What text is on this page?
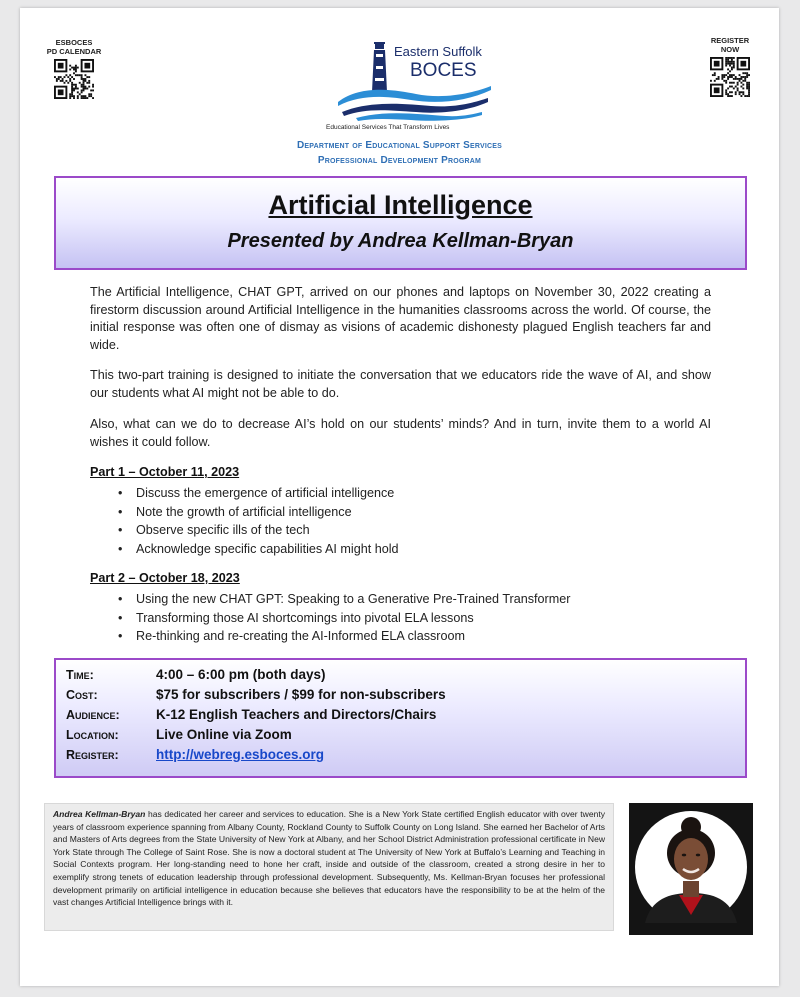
ESBOCES
PD CALENDAR
REGISTER
NOW
Eastern Suffolk
BOCES
Educational Services That Transform Lives
Department of Educational Support Services
Professional Development Program
Artificial Intelligence
Presented by Andrea Kellman-Bryan
The Artificial Intelligence, CHAT GPT, arrived on our phones and laptops on November 30, 2022 creating a firestorm discussion around Artificial Intelligence in the humanities classrooms across the world. Of course, the initial response was often one of dismay as visions of academic dishonesty plagued English teachers far and wide.
This two-part training is designed to initiate the conversation that we educators ride the wave of AI, and show our students what AI might not be able to do.
Also, what can we do to decrease AI’s hold on our students’ minds? And in turn, invite them to a world AI wishes it could follow.
Part 1 – October 11, 2023
• Discuss the emergence of artificial intelligence
• Note the growth of artificial intelligence
• Observe specific ills of the tech
• Acknowledge specific capabilities AI might hold
Part 2 – October 18, 2023
• Using the new CHAT GPT: Speaking to a Generative Pre-Trained Transformer
• Transforming those AI shortcomings into pivotal ELA lessons
• Re-thinking and re-creating the AI-Informed ELA classroom
Time:	4:00 – 6:00 pm (both days)
Cost:	$75 for subscribers / $99 for non-subscribers
Audience:	K-12 English Teachers and Directors/Chairs
Location:	Live Online via Zoom
Register:	http://webreg.esboces.org
Andrea Kellman-Bryan has dedicated her career and services to education. She is a New York State certified English educator with over twenty years of classroom experience spanning from Albany County, Rockland County to Suffolk County on Long Island. She earned her Bachelor of Arts and Masters of Arts degrees from the State University of New York at Albany, and her School District Administration professional certificate in New York State through The College of Saint Rose. She is now a doctoral student at The University of New York at Buffalo’s Learning and Teaching in Social Contexts program. Her long-standing need to hone her craft, inside and outside of the classroom, created a strong desire in her to exemplify strong tenets of education leadership through professional development. Subsequently, Ms. Kellman-Bryan focuses her professional development primarily on artificial intelligence in education because she believes that educators have the responsibility to be at the helm of the vast changes Artificial Intelligence brings with it.
